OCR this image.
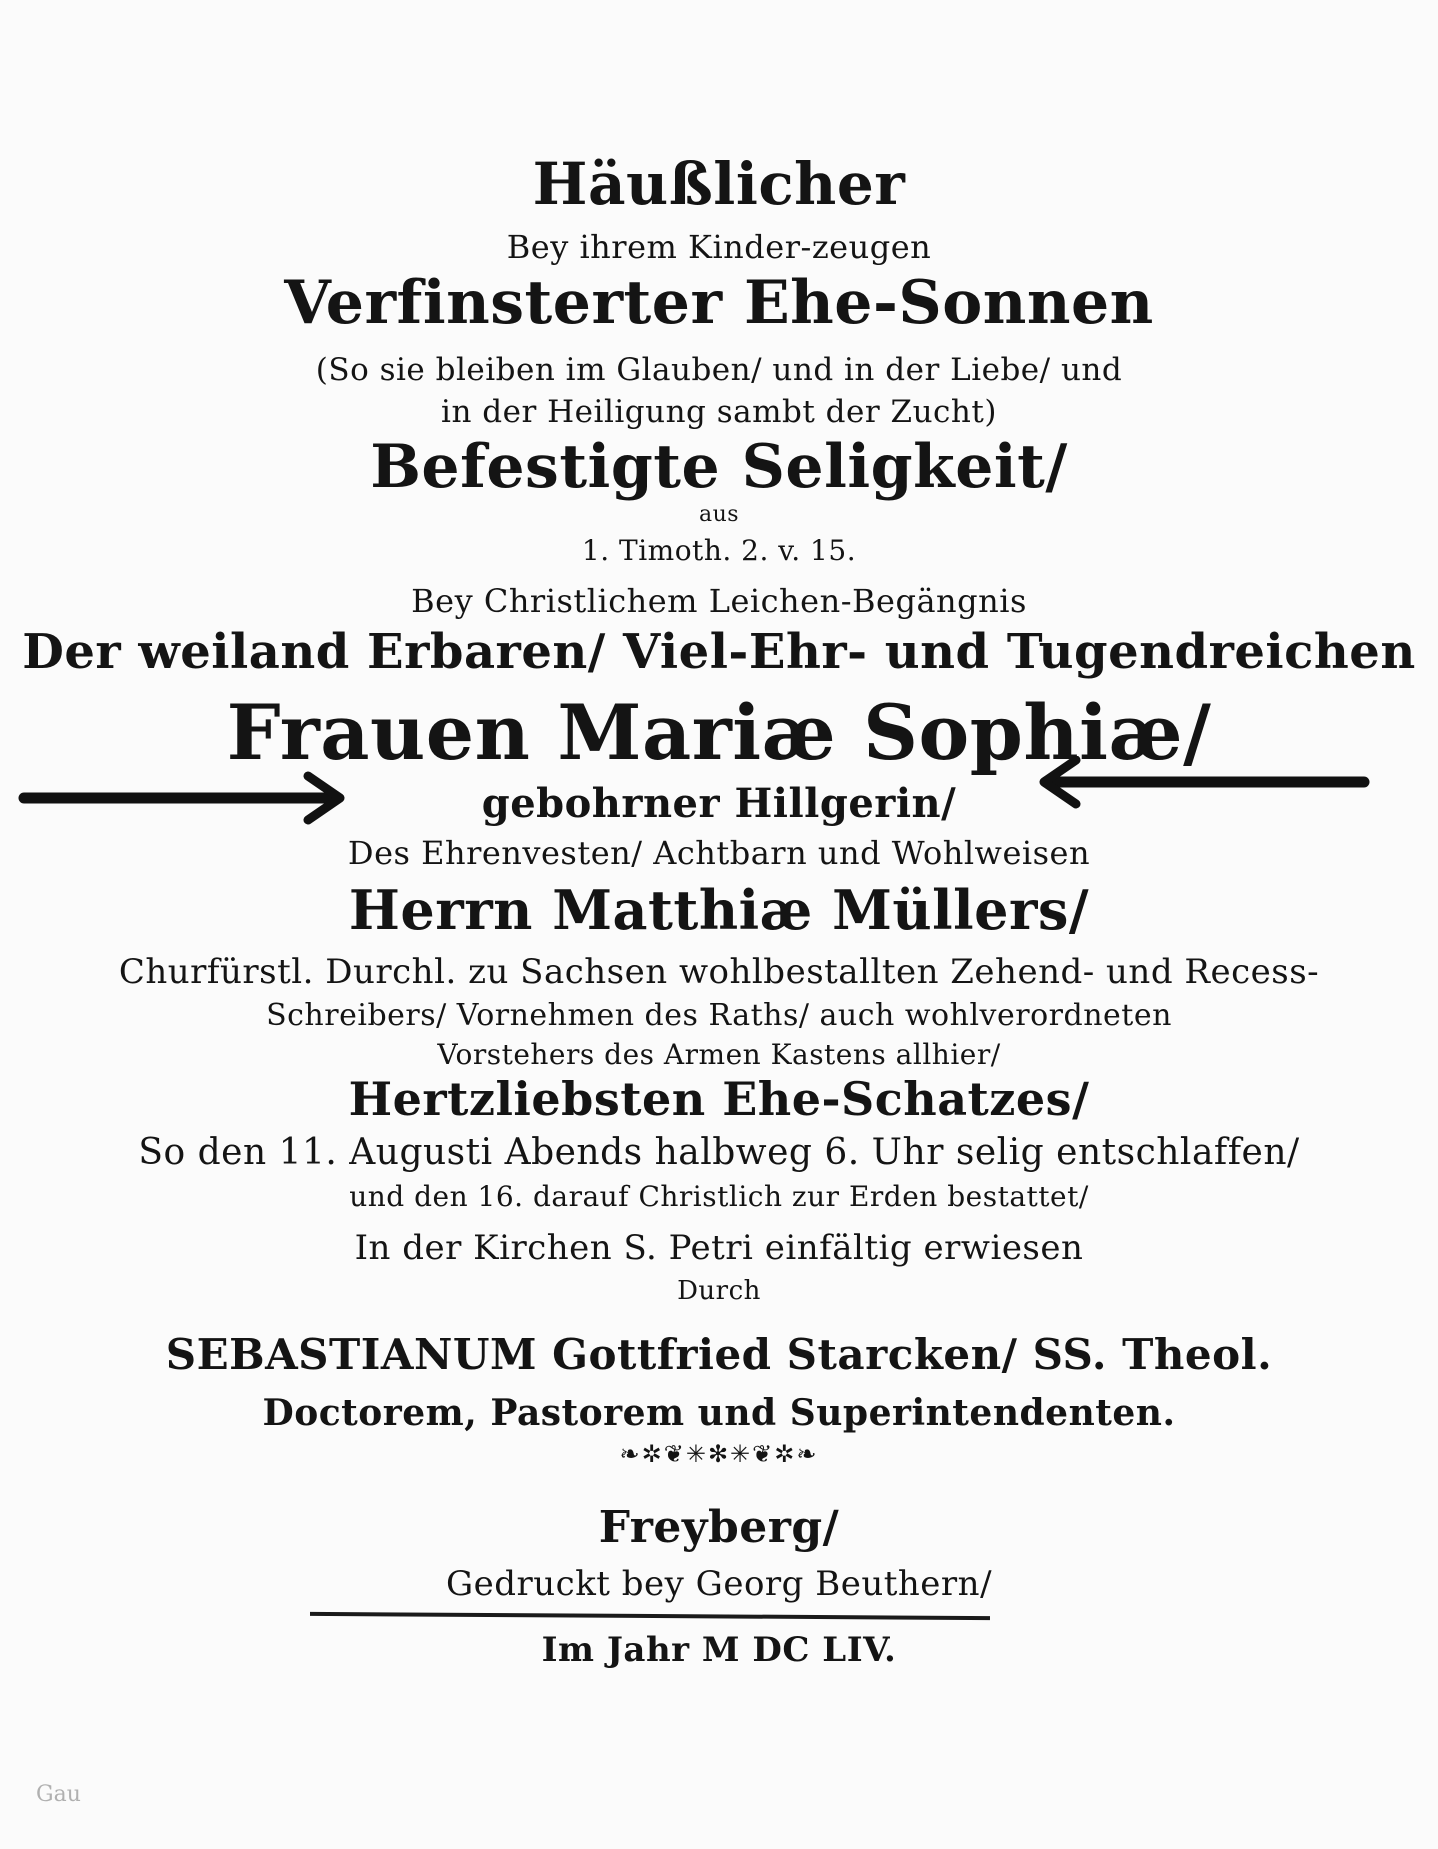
Häußlicher
Bey ihrem Kinder-zeugen
Verfinsterter Ehe-Sonnen
(So sie bleiben im Glauben/ und in der Liebe/ und
in der Heiligung sambt der Zucht)
Befestigte Seligkeit/
aus
1. Timoth. 2. v. 15.
Bey Christlichem Leichen-Begängnis
Der weiland Erbaren/ Viel-Ehr- und Tugendreichen
Frauen Mariæ Sophiæ/
gebohrner Hillgerin/
Des Ehrenvesten/ Achtbarn und Wohlweisen
Herrn Matthiæ Müllers/
Churfürstl. Durchl. zu Sachsen wohlbestallten Zehend- und Recess-
Schreibers/ Vornehmen des Raths/ auch wohlverordneten
Vorstehers des Armen Kastens allhier/
Hertzliebsten Ehe-Schatzes/
So den 11. Augusti Abends halbweg 6. Uhr selig entschlaffen/
und den 16. darauf Christlich zur Erden bestattet/
In der Kirchen S. Petri einfältig erwiesen
Durch
SEBASTIANUM Gottfried Starcken/ SS. Theol.
Doctorem, Pastorem und Superintendenten.
❧✲❦✳✻✳❦✲❧
Freyberg/
Gedruckt bey Georg Beuthern/
Im Jahr M DC LIV.
Gau
